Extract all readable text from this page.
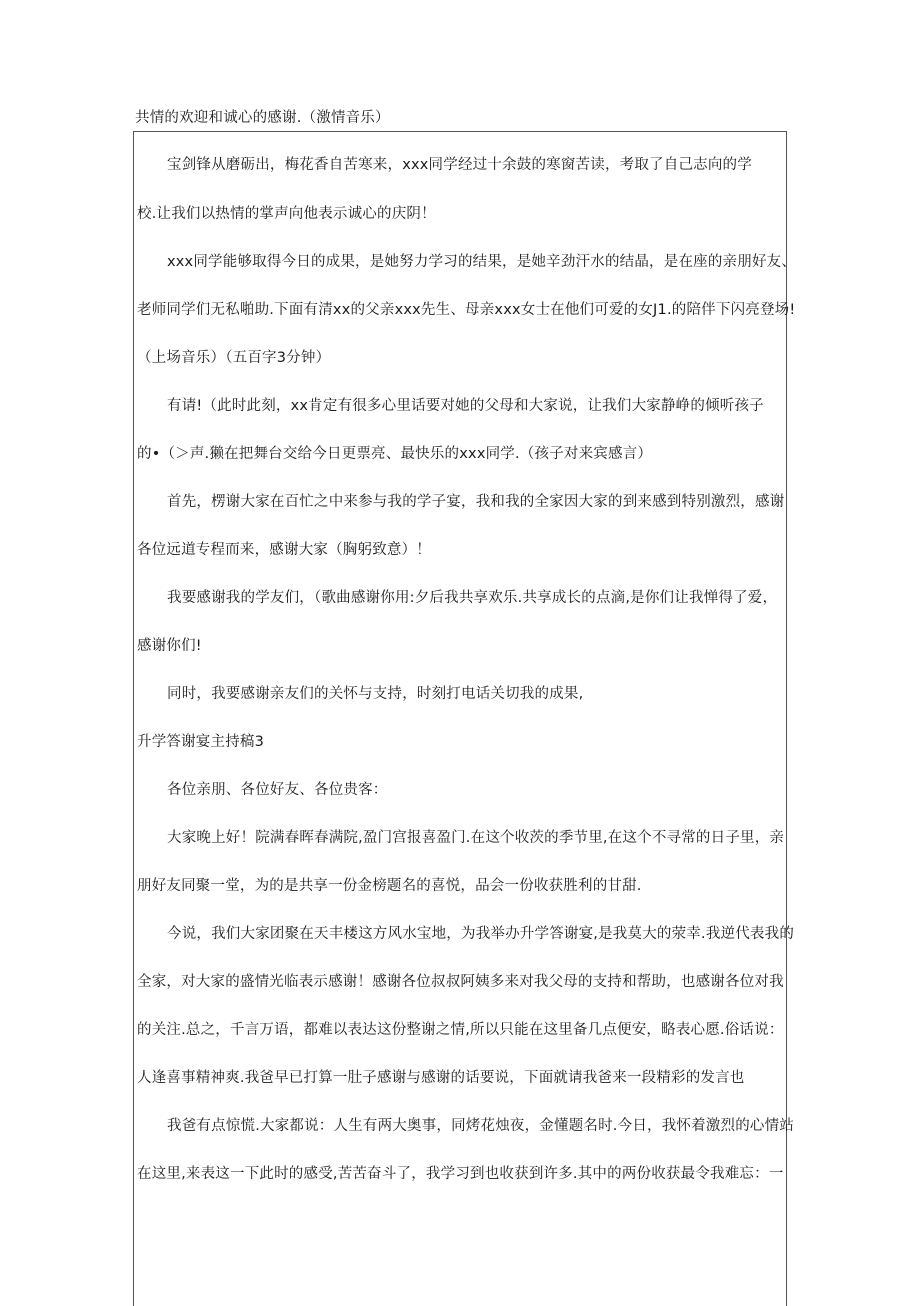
共情的欢迎和诚心的感谢.（激情音乐）
宝剑锋从磨砺出，梅花香自苦寒来，xxx同学经过十余鼓的寒窗苦读，考取了自己志向的学
校.让我们以热情的掌声向他表示诚心的庆阴！
xxx同学能够取得今日的成果，是她努力学习的结果，是她辛劲汗水的结晶，是在座的亲朋好友、
老师同学们无私啪助.下面有清xx的父亲xxx先生、母亲xxx女士在他们可爱的女J1.的陪伴下闪亮登场!
（上场音乐）（五百字3分钟）
有请!（此时此刻，xx肯定有很多心里话要对她的父母和大家说，让我们大家静峥的倾听孩子
的•（＞声.獭在把舞台交给今日更票亮、最快乐的xxx同学.（孩子对来宾感言）
首先，楞谢大家在百忙之中来参与我的学子宴，我和我的全家因大家的到来感到特别激烈，感谢
各位远道专程而来，感谢大家（胸躬致意）！
我要感谢我的学友们，（歌曲感谢你用:夕后我共享欢乐.共享成长的点滴,是你们让我惮得了爱，
感谢你们!
同时，我要感谢亲友们的关怀与支持，时刻打电话关切我的成果,
升学答谢宴主持稿3
各位亲朋、各位好友、各位贵客：
大家晚上好！院满春晖春满院,盈门宫报喜盈门.在这个收茨的季节里,在这个不寻常的日子里，亲
朋好友同聚一堂，为的是共享一份金榜题名的喜悦，品会一份收获胜利的甘甜.
今说，我们大家团聚在天丰楼这方风水宝地，为我举办升学答谢宴,是我莫大的荥幸.我逆代表我的
全家，对大家的盛情光临表示感谢！感谢各位叔叔阿姨多来对我父母的支持和帮助，也感谢各位对我
的关注.总之，千言万语，都难以表达这份整谢之情,所以只能在这里备几点便安，略表心愿.俗话说：
人逢喜事精神爽.我爸早已打算一肚子感谢与感谢的话要说，下面就请我爸来一段精彩的发言也
我爸有点惊慌.大家都说：人生有两大奥事，同烤花烛夜，金懂题名时.今日，我怀着激烈的心情站
在这里,来表这一下此时的感受,苦苦奋斗了，我学习到也收获到许多.其中的两份收获最令我难忘：一
